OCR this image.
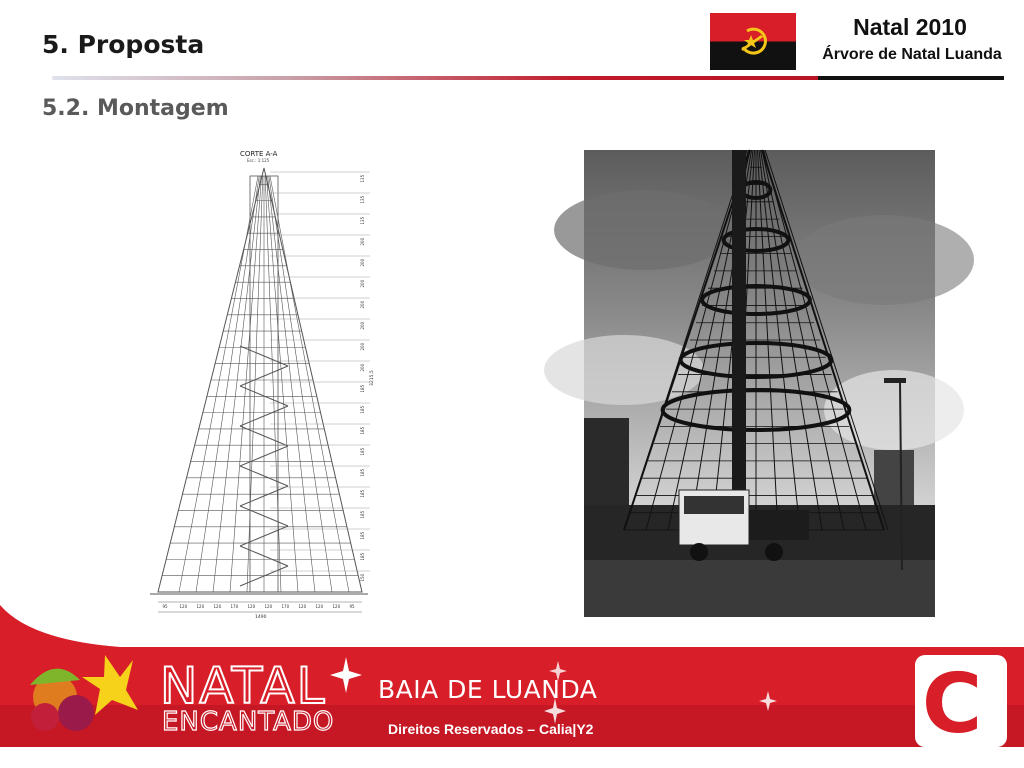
5. Proposta
5.2. Montagem
Natal 2010
Árvore de Natal Luanda
CORTE A-A
Esc.: 1:125
135
135
135
200
200
200
200
200
200
200
185
185
185
185
185
185
185
185
185
150
95	120 120 120 170 120 120 170 120 120 120 95
1490
3215,5
NATAL
ENCANTADO	C
BAIA DE LUANDA
Direitos Reservados – Calia|Y2
